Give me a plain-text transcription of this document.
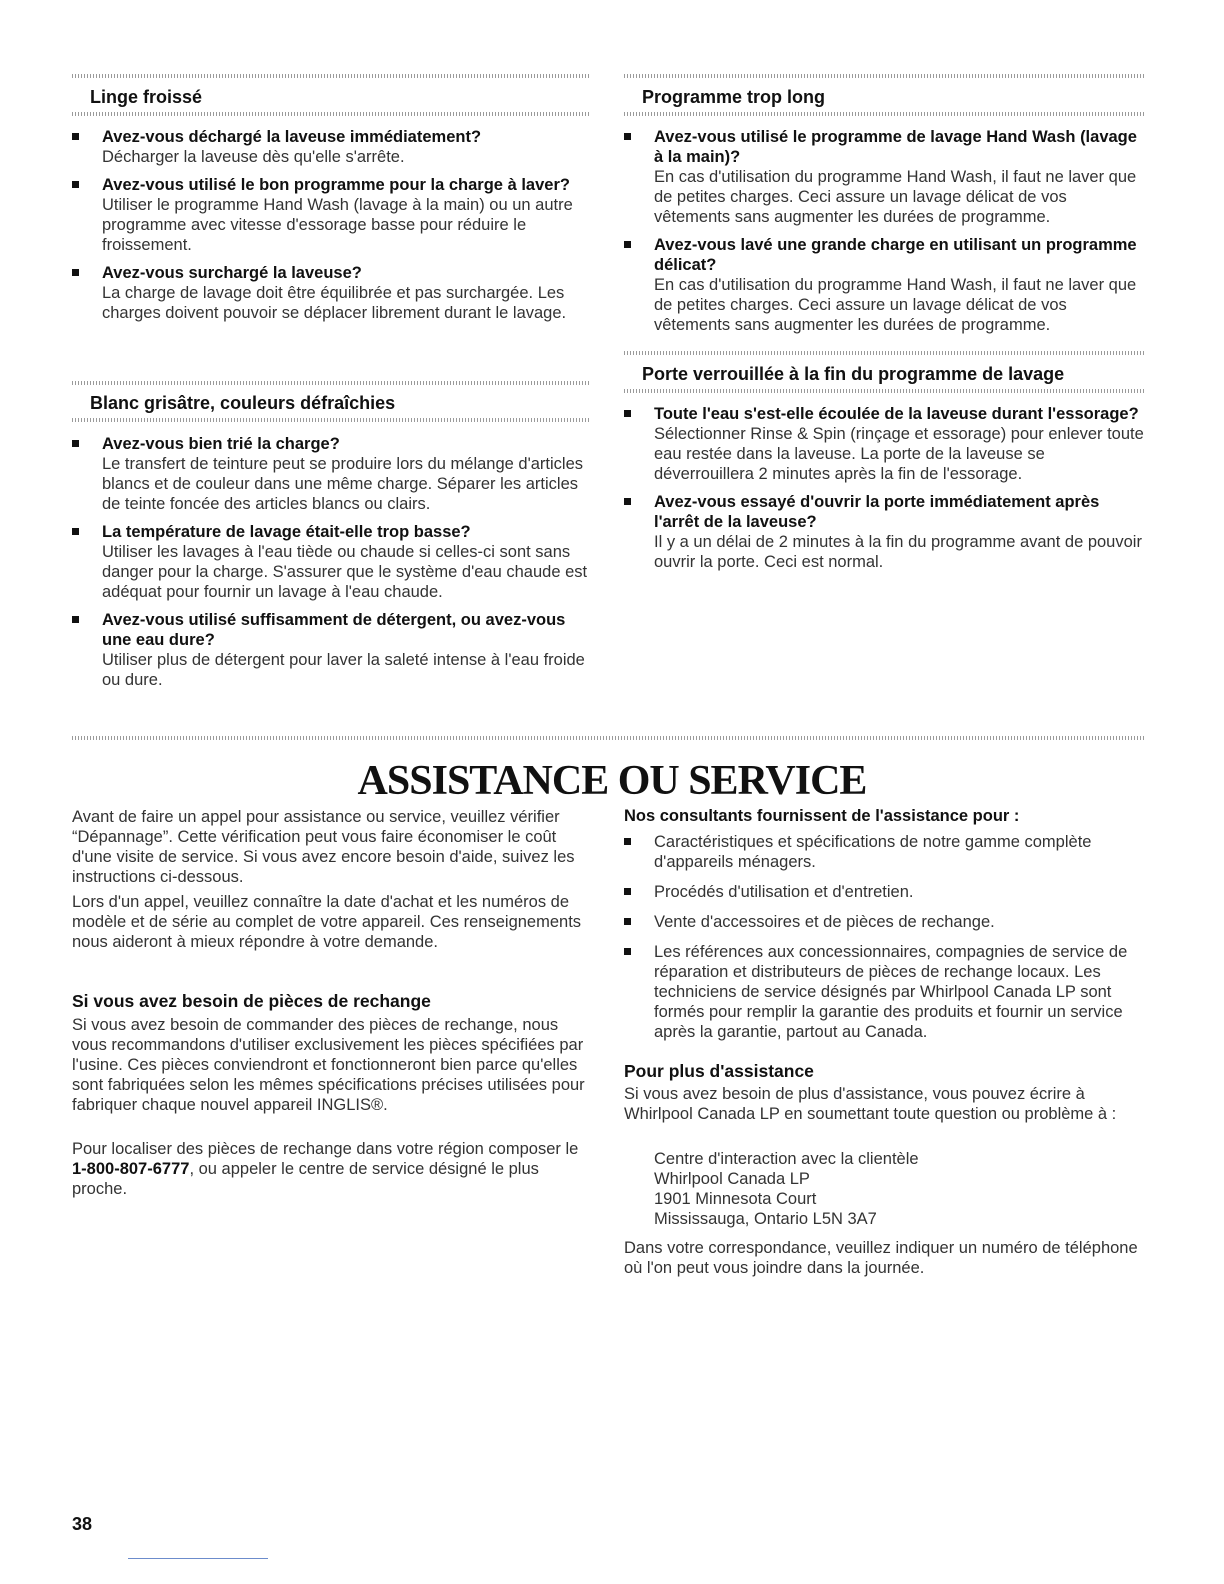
Linge froissé
Avez-vous déchargé la laveuse immédiatement?
Décharger la laveuse dès qu'elle s'arrête.
Avez-vous utilisé le bon programme pour la charge à laver?
Utiliser le programme Hand Wash (lavage à la main) ou un autre programme avec vitesse d'essorage basse pour réduire le froissement.
Avez-vous surchargé la laveuse?
La charge de lavage doit être équilibrée et pas surchargée. Les charges doivent pouvoir se déplacer librement durant le lavage.
Blanc grisâtre, couleurs défraîchies
Avez-vous bien trié la charge?
Le transfert de teinture peut se produire lors du mélange d'articles blancs et de couleur dans une même charge. Séparer les articles de teinte foncée des articles blancs ou clairs.
La température de lavage était-elle trop basse?
Utiliser les lavages à l'eau tiède ou chaude si celles-ci sont sans danger pour la charge. S'assurer que le système d'eau chaude est adéquat pour fournir un lavage à l'eau chaude.
Avez-vous utilisé suffisamment de détergent, ou avez-vous une eau dure?
Utiliser plus de détergent pour laver la saleté intense à l'eau froide ou dure.
Programme trop long
Avez-vous utilisé le programme de lavage Hand Wash (lavage à la main)?
En cas d'utilisation du programme Hand Wash, il faut ne laver que de petites charges. Ceci assure un lavage délicat de vos vêtements sans augmenter les durées de programme.
Avez-vous lavé une grande charge en utilisant un programme délicat?
En cas d'utilisation du programme Hand Wash, il faut ne laver que de petites charges. Ceci assure un lavage délicat de vos vêtements sans augmenter les durées de programme.
Porte verrouillée à la fin du programme de lavage
Toute l'eau s'est-elle écoulée de la laveuse durant l'essorage?
Sélectionner Rinse & Spin (rinçage et essorage) pour enlever toute eau restée dans la laveuse. La porte de la laveuse se déverrouillera 2 minutes après la fin de l'essorage.
Avez-vous essayé d'ouvrir la porte immédiatement après l'arrêt de la laveuse?
Il y a un délai de 2 minutes à la fin du programme avant de pouvoir ouvrir la porte. Ceci est normal.
ASSISTANCE OU SERVICE

Avant de faire un appel pour assistance ou service, veuillez vérifier “Dépannage”. Cette vérification peut vous faire économiser le coût d'une visite de service. Si vous avez encore besoin d'aide, suivez les instructions ci-dessous.

Lors d'un appel, veuillez connaître la date d'achat et les numéros de modèle et de série au complet de votre appareil. Ces renseignements nous aideront à mieux répondre à votre demande.

Si vous avez besoin de pièces de rechange

Si vous avez besoin de commander des pièces de rechange, nous vous recommandons d'utiliser exclusivement les pièces spécifiées par l'usine. Ces pièces conviendront et fonctionneront bien parce qu'elles sont fabriquées selon les mêmes spécifications précises utilisées pour fabriquer chaque nouvel appareil INGLIS®.

Pour localiser des pièces de rechange dans votre région composer le 1-800-807-6777, ou appeler le centre de service désigné le plus proche.

Nos consultants fournissent de l'assistance pour :
Caractéristiques et spécifications de notre gamme complète d'appareils ménagers.
Procédés d'utilisation et d'entretien.
Vente d'accessoires et de pièces de rechange.
Les références aux concessionnaires, compagnies de service de réparation et distributeurs de pièces de rechange locaux. Les techniciens de service désignés par Whirlpool Canada LP sont formés pour remplir la garantie des produits et fournir un service après la garantie, partout au Canada.
Pour plus d'assistance

Si vous avez besoin de plus d'assistance, vous pouvez écrire à Whirlpool Canada LP en soumettant toute question ou problème à :

Centre d'interaction avec la clientèle
Whirlpool Canada LP
1901 Minnesota Court
Mississauga, Ontario L5N 3A7

Dans votre correspondance, veuillez indiquer un numéro de téléphone où l'on peut vous joindre dans la journée.

38
